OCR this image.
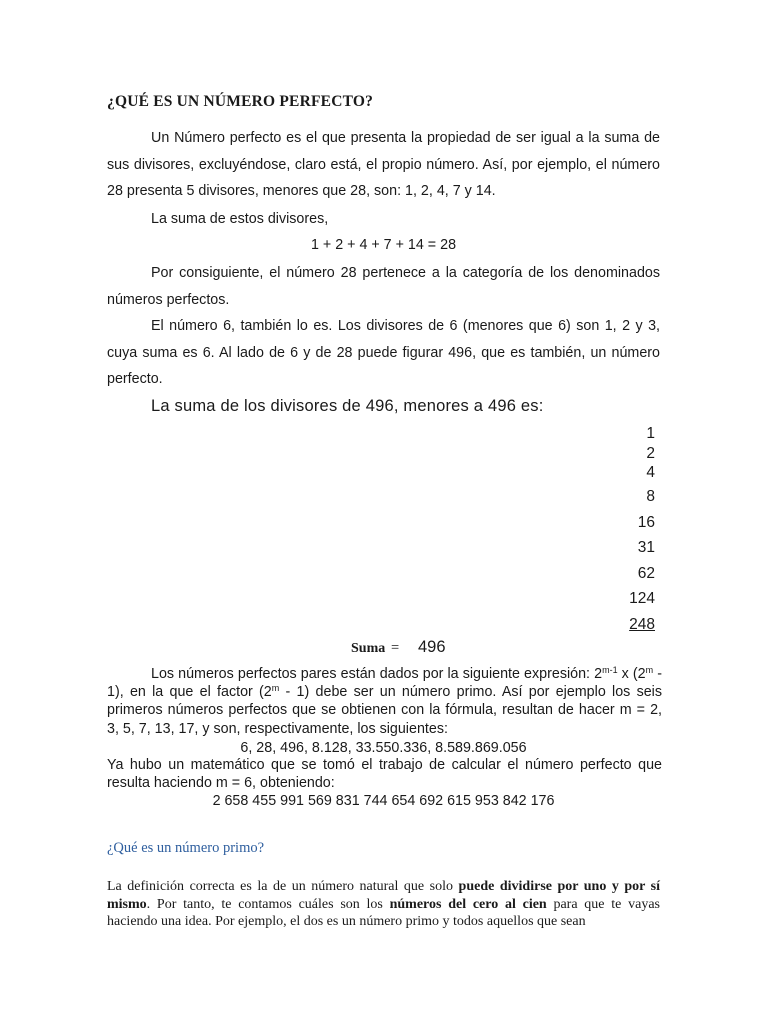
¿QUÉ ES UN NÚMERO PERFECTO?
Un Número perfecto es el que presenta la propiedad de ser igual a la suma de sus divisores, excluyéndose, claro está, el propio número. Así, por ejemplo, el número 28 presenta 5 divisores, menores que 28, son: 1, 2, 4, 7 y 14.
La suma de estos divisores,
1 + 2 + 4 + 7 + 14 = 28
Por consiguiente, el número 28 pertenece a la categoría de los denominados números perfectos.
El número 6, también lo es. Los divisores de 6 (menores que 6) son 1, 2 y 3, cuya suma es 6. Al lado de 6 y de 28 puede figurar 496, que es también, un número perfecto.
La suma de los divisores de 496, menores a 496 es:
1
2
4
8
16
31
62
124
248
Suma = 496
Los números perfectos pares están dados por la siguiente expresión: 2$^{m-1}$ x (2$^m$ - 1), en la que el factor (2$^m$ - 1) debe ser un número primo. Así por ejemplo los seis primeros números perfectos que se obtienen con la fórmula, resultan de hacer m = 2, 3, 5, 7, 13, 17, y son, respectivamente, los siguientes:
6, 28, 496, 8.128, 33.550.336, 8.589.869.056
Ya hubo un matemático que se tomó el trabajo de calcular el número perfecto que resulta haciendo m = 6, obteniendo:
2 658 455 991 569 831 744 654 692 615 953 842 176
¿Qué es un número primo?
La definición correcta es la de un número natural que solo puede dividirse por uno y por sí mismo. Por tanto, te contamos cuáles son los números del cero al cien para que te vayas haciendo una idea. Por ejemplo, el dos es un número primo y todos aquellos que sean
